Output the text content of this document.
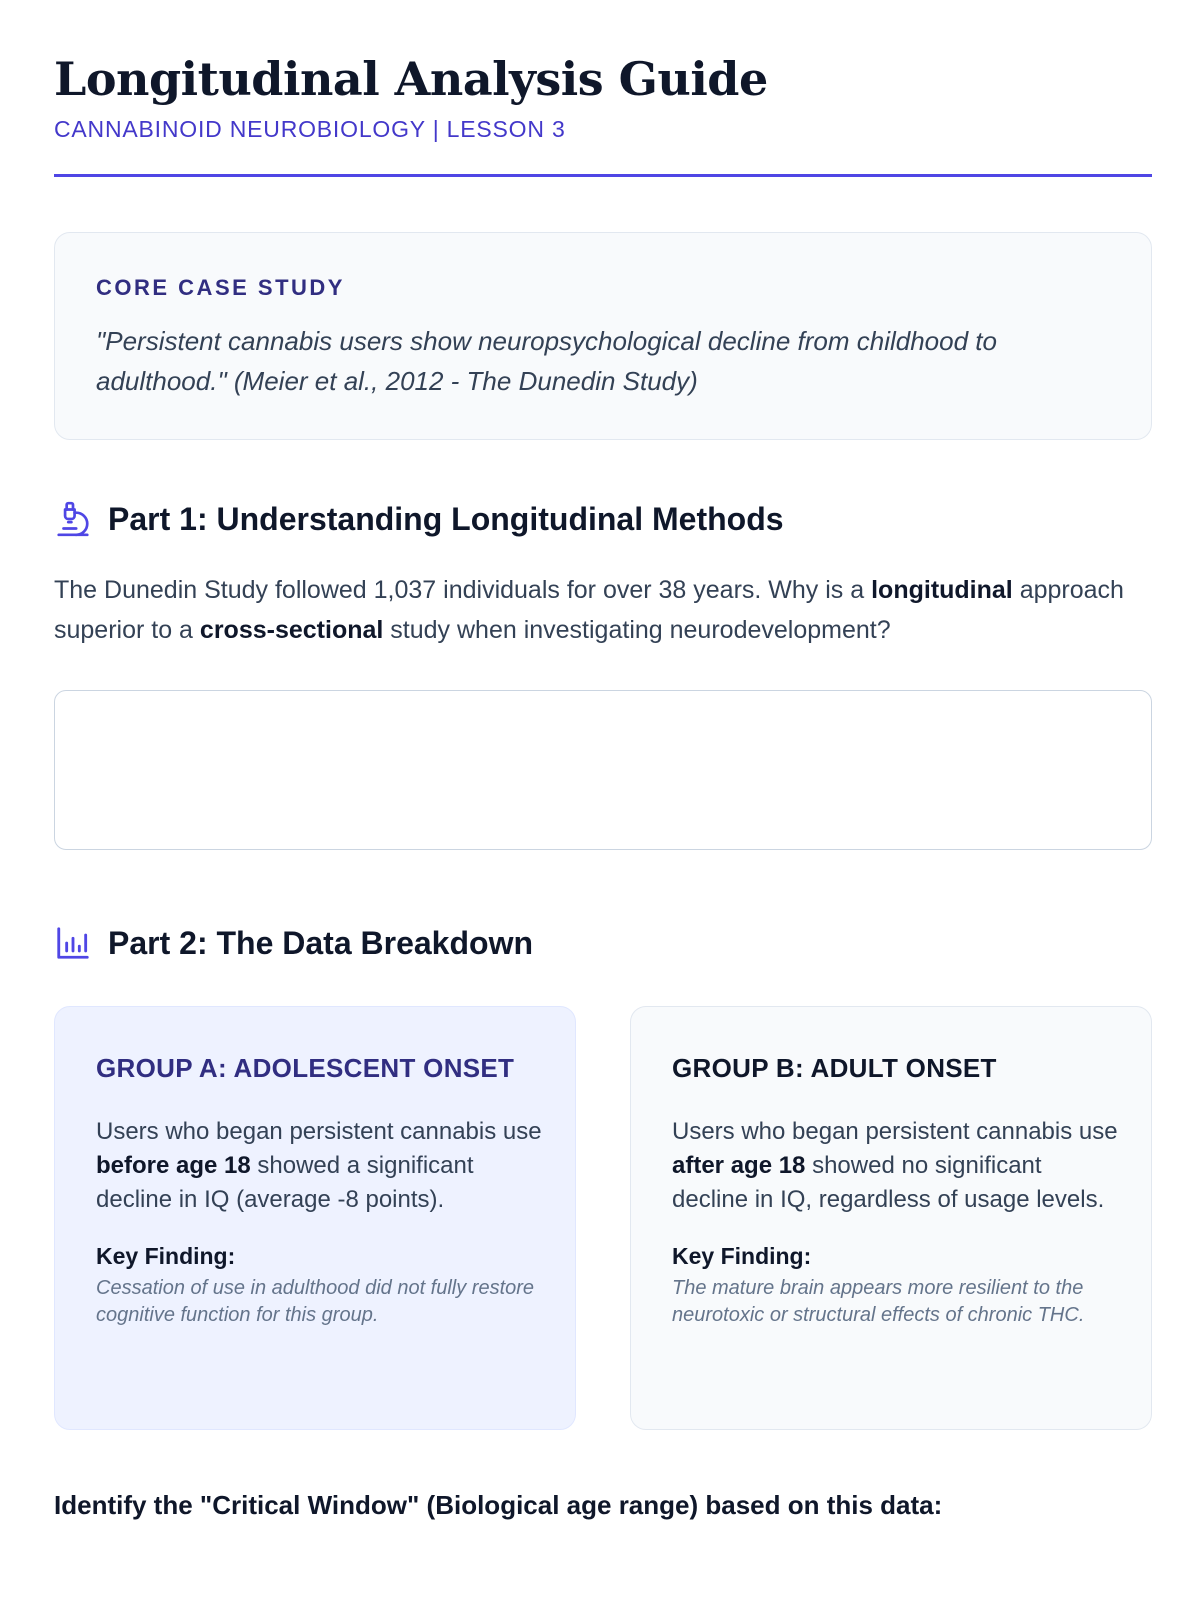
Longitudinal Analysis Guide
CANNABINOID NEUROBIOLOGY | LESSON 3
CORE CASE STUDY
"Persistent cannabis users show neuropsychological decline from childhood to adulthood." (Meier et al., 2012 - The Dunedin Study)
Part 1: Understanding Longitudinal Methods
The Dunedin Study followed 1,037 individuals for over 38 years. Why is a longitudinal approach superior to a cross-sectional study when investigating neurodevelopment?
Part 2: The Data Breakdown
GROUP A: ADOLESCENT ONSET
Users who began persistent cannabis use before age 18 showed a significant decline in IQ (average -8 points).
Key Finding:
Cessation of use in adulthood did not fully restore cognitive function for this group.
GROUP B: ADULT ONSET
Users who began persistent cannabis use after age 18 showed no significant decline in IQ, regardless of usage levels.
Key Finding:
The mature brain appears more resilient to the neurotoxic or structural effects of chronic THC.
Identify the "Critical Window" (Biological age range) based on this data:
